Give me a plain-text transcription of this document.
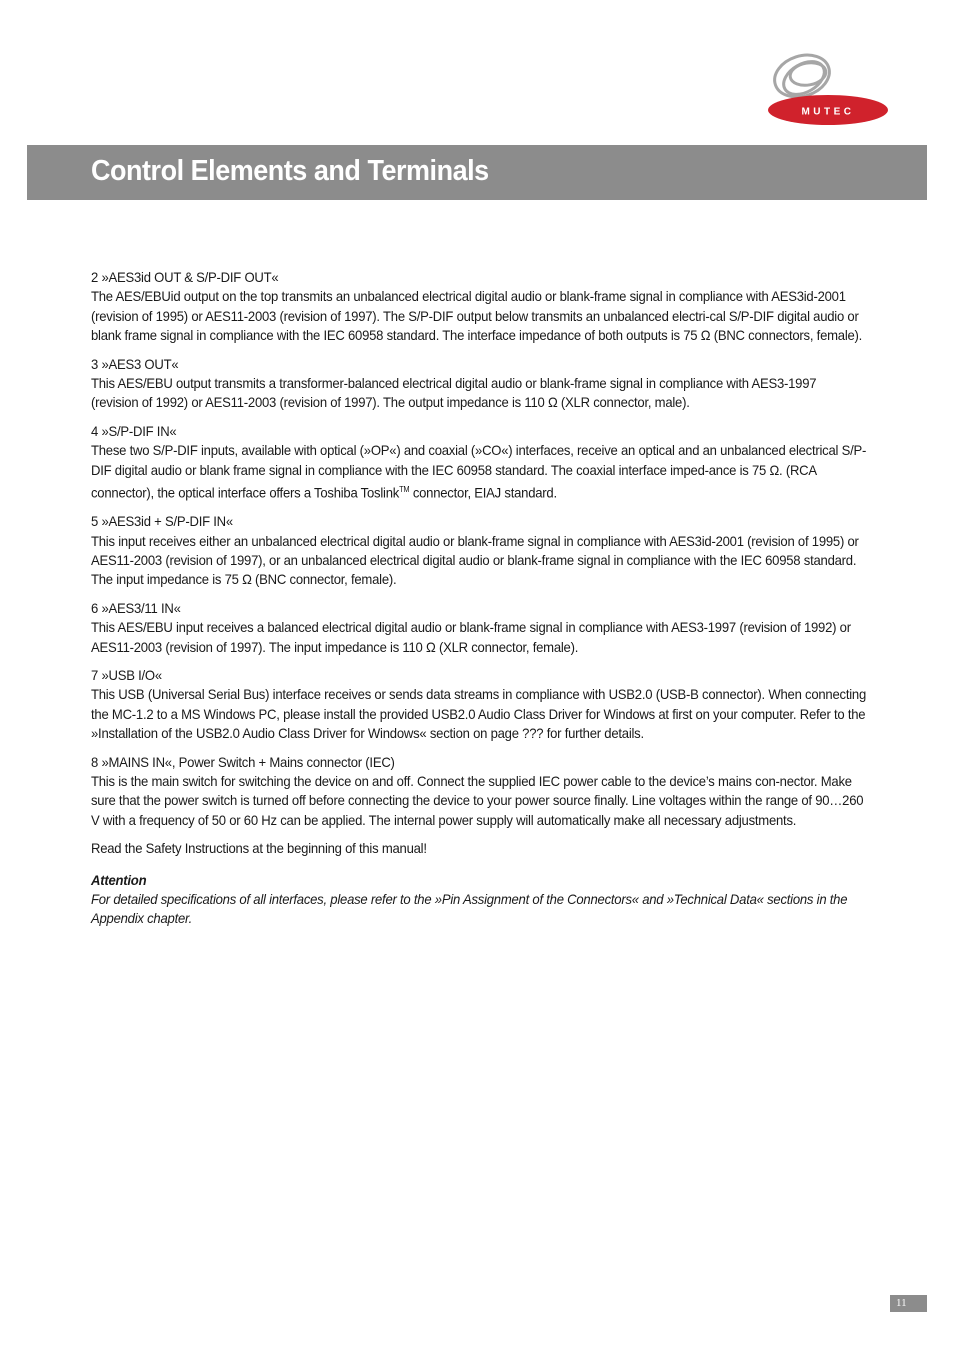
MUTEC
Control Elements and Terminals
2 »AES3id OUT & S/P-DIF OUT«
The AES/EBUid output on the top transmits an unbalanced electrical digital audio or blank-frame signal in compliance with AES3id-2001 (revision of 1995) or AES11-2003 (revision of 1997). The S/P-DIF output below transmits an unbalanced electri-cal S/P-DIF digital audio or blank frame signal in compliance with the IEC 60958 standard. The interface impedance of both outputs is 75 Ω (BNC connectors, female).
3 »AES3 OUT«
This AES/EBU output transmits a transformer-balanced electrical digital audio or blank-frame signal in compliance with AES3-1997 (revision of 1992) or AES11-2003 (revision of 1997). The output impedance is 110 Ω (XLR connector, male).
4 »S/P-DIF IN«
These two S/P-DIF inputs, available with optical (»OP«) and coaxial (»CO«) interfaces, receive an optical and an unbalanced electrical S/P-DIF digital audio or blank frame signal in compliance with the IEC 60958 standard. The coaxial interface imped-ance is 75 Ω. (RCA connector), the optical interface offers a Toshiba Toslink™ connector, EIAJ standard.
5 »AES3id + S/P-DIF IN«
This input receives either an unbalanced electrical digital audio or blank-frame signal in compliance with AES3id-2001 (revision of 1995) or AES11-2003 (revision of 1997), or an unbalanced electrical digital audio or blank-frame signal in compliance with the IEC 60958 standard. The input impedance is 75 Ω (BNC connector, female).
6 »AES3/11 IN«
This AES/EBU input receives a balanced electrical digital audio or blank-frame signal in compliance with AES3-1997 (revision of 1992) or AES11-2003 (revision of 1997). The input impedance is 110 Ω (XLR connector, female).
7 »USB I/O«
This USB (Universal Serial Bus) interface receives or sends data streams in compliance with USB2.0 (USB-B connector). When connecting the MC-1.2 to a MS Windows PC, please install the provided USB2.0 Audio Class Driver for Windows at first on your computer. Refer to the »Installation of the USB2.0 Audio Class Driver for Windows« section on page ??? for further details.
8 »MAINS IN«, Power Switch + Mains connector (IEC)
This is the main switch for switching the device on and off. Connect the supplied IEC power cable to the device’s mains con-nector. Make sure that the power switch is turned off before connecting the device to your power source finally. Line voltages within the range of 90…260 V with a frequency of 50 or 60 Hz can be applied. The internal power supply will automatically make all necessary adjustments.
Read the Safety Instructions at the beginning of this manual!
Attention
For detailed specifications of all interfaces, please refer to the »Pin Assignment of the Connectors« and »Technical Data« sections in the Appendix chapter.
11
